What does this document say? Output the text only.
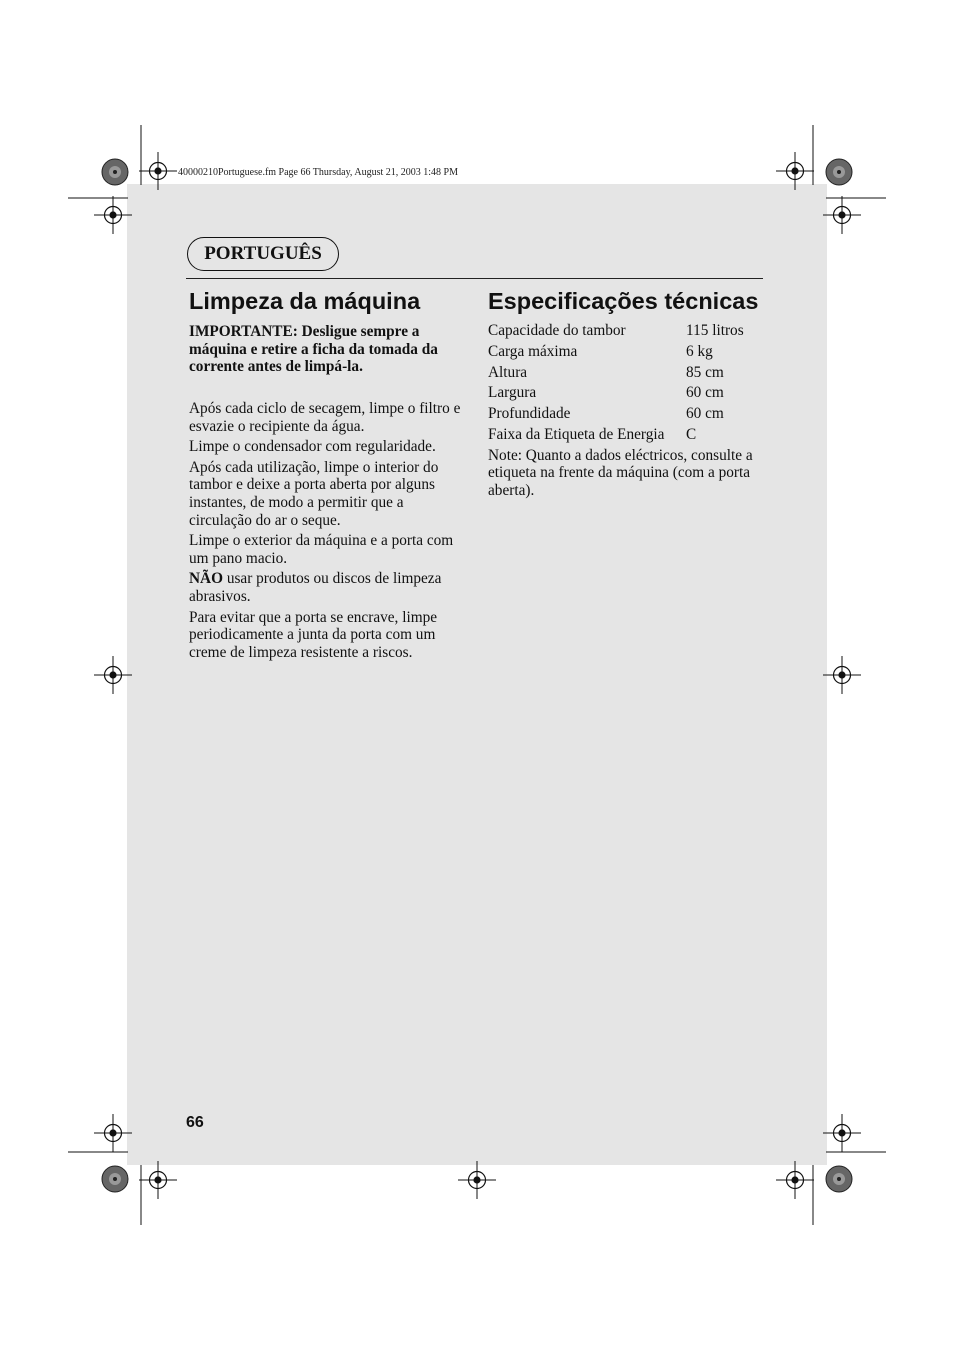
40000210Portuguese.fm Page 66 Thursday, August 21, 2003 1:48 PM
PORTUGUÊS
Limpeza da máquina	Especificações técnicas

IMPORTANTE: Desligue sempre a máquina e retire a ficha da tomada da corrente antes de limpá-la.

Após cada ciclo de secagem, limpe o filtro e esvazie o recipiente da água.

Limpe o condensador com regularidade.

Após cada utilização, limpe o interior do tambor e deixe a porta aberta por alguns instantes, de modo a permitir que a circulação do ar o seque.

Limpe o exterior da máquina e a porta com um pano macio.

NÃO usar produtos ou discos de limpeza abrasivos.

Para evitar que a porta se encrave, limpe periodicamente a junta da porta com um creme de limpeza resistente a riscos.

Capacidade do tambor	115 litros
Carga máxima	6 kg
Altura	85 cm
Largura	60 cm
Profundidade	60 cm
Faixa da Etiqueta de Energia	C
Note: Quanto a dados eléctricos, consulte a etiqueta na frente da máquina (com a porta aberta).
66
